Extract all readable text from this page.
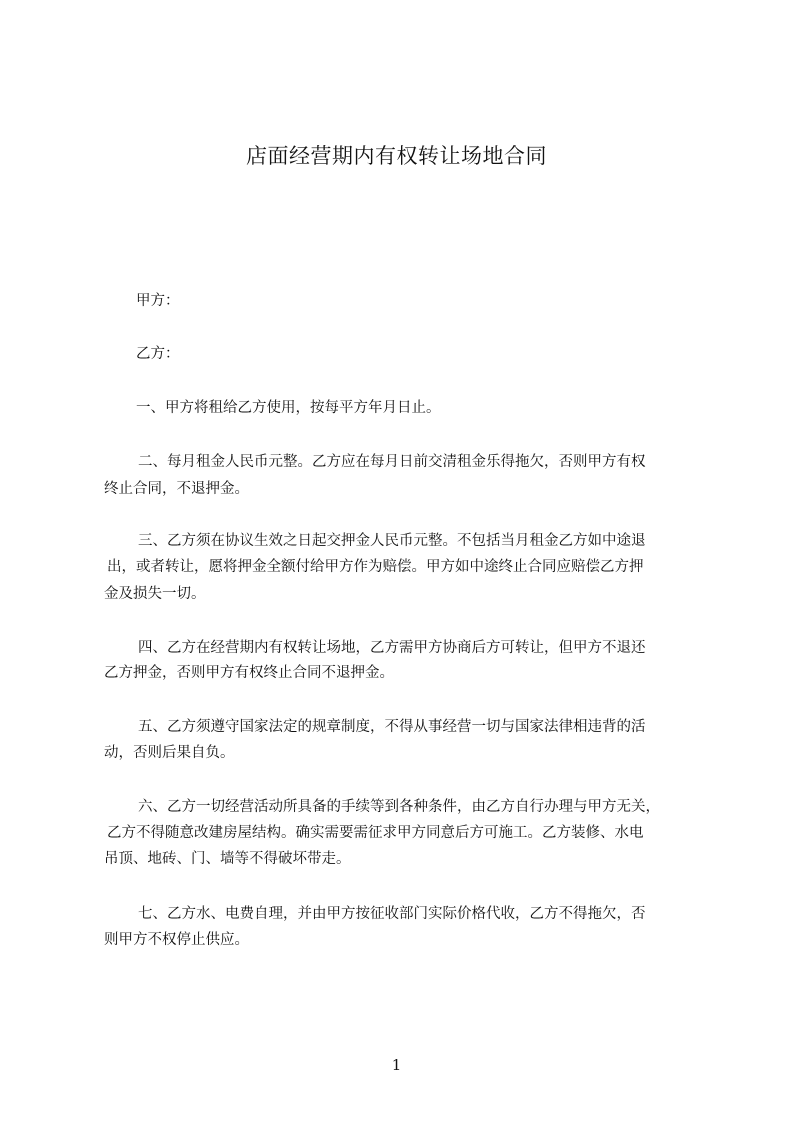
店面经营期内有权转让场地合同

甲方：

乙方：

一、甲方将租给乙方使用，按每平方年月日止。

二、每月租金人民币元整。乙方应在每月日前交清租金乐得拖欠，否则甲方有权

终止合同，不退押金。

三、乙方须在协议生效之日起交押金人民币元整。不包括当月租金乙方如中途退

出，或者转让，愿将押金全额付给甲方作为赔偿。甲方如中途终止合同应赔偿乙方押

金及损失一切。

四、乙方在经营期内有权转让场地，乙方需甲方协商后方可转让，但甲方不退还

乙方押金，否则甲方有权终止合同不退押金。

五、乙方须遵守国家法定的规章制度，不得从事经营一切与国家法律相违背的活

动，否则后果自负。

六、乙方一切经营活动所具备的手续等到各种条件，由乙方自行办理与甲方无关，

乙方不得随意改建房屋结构。确实需要需征求甲方同意后方可施工。乙方装修、水电

吊顶、地砖、门、墙等不得破坏带走。

七、乙方水、电费自理，并由甲方按征收部门实际价格代收，乙方不得拖欠，否

则甲方不权停止供应。

1
